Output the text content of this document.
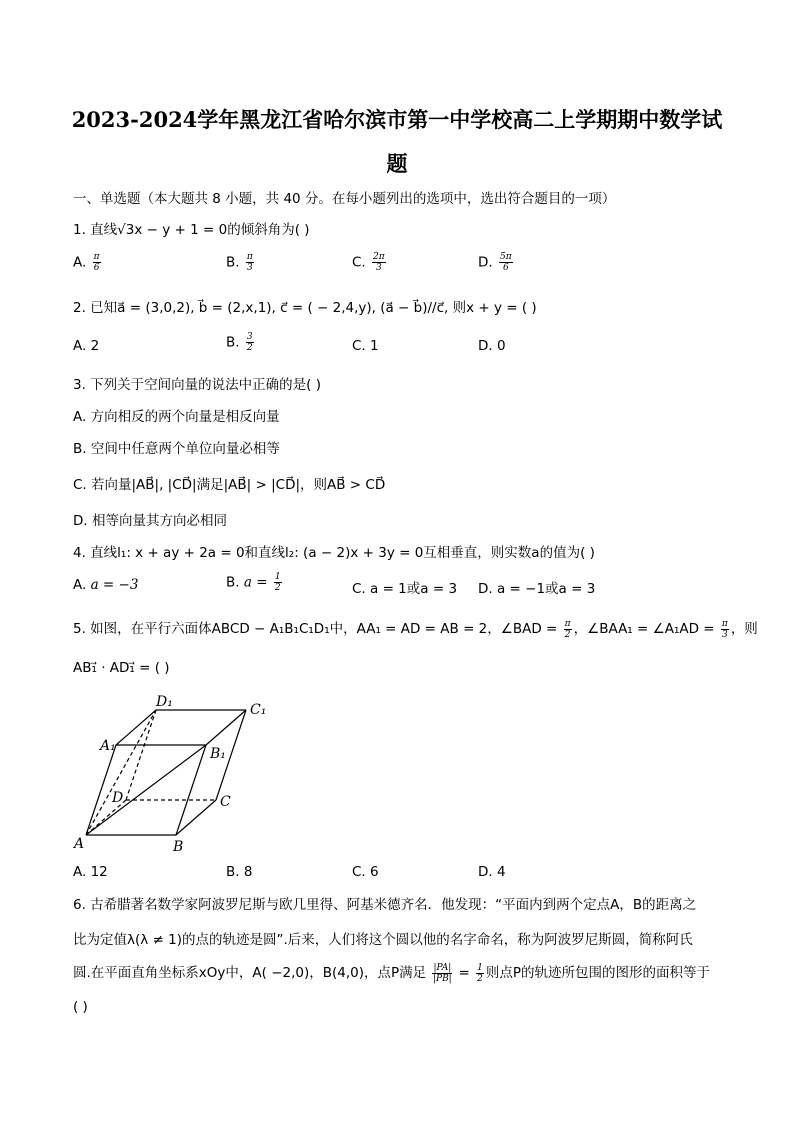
2023-2024学年黑龙江省哈尔滨市第一中学校高二上学期期中数学试
题
一、单选题（本大题共 8 小题，共 40 分。在每小题列出的选项中，选出符合题目的一项）
1. 直线√3x − y + 1 = 0的倾斜角为( )
A. $\frac{\pi}{6}$	B. $\frac{\pi}{3}$	C. $\frac{2\pi}{3}$	D. $\frac{5\pi}{6}$
2. 已知a⃗ = (3,0,2), b⃗ = (2,x,1), c⃗ = ( − 2,4,y), (a⃗ − b⃗)//c⃗, 则x + y = ( )
A. 2	B. $\frac{3}{2}$	C. 1	D. 0
3. 下列关于空间向量的说法中正确的是( )
A. 方向相反的两个向量是相反向量
B. 空间中任意两个单位向量必相等
C. 若向量|AB⃗|, |CD⃗|满足|AB⃗| > |CD⃗|，则AB⃗ > CD⃗
D. 相等向量其方向必相同
4. 直线l₁: x + ay + 2a = 0和直线l₂: (a − 2)x + 3y = 0互相垂直，则实数a的值为( )
A. a = −3	B. $a = \frac{1}{2}$	C. a = 1或a = 3 D. a = −1或a = 3
5. 如图，在平行六面体ABCD − A₁B₁C₁D₁中，AA₁ = AD = AB = 2，∠BAD = $\frac{\pi}{2}$ ，∠BAA₁ = ∠A₁AD = $\frac{\pi}{3}$ ，则
AB₁⃗ · AD₁⃗ = ( )
D₁	C₁
A₁	B₁
D	C
A	B
A. 12	B. 8	C. 6	D. 4
6. 古希腊著名数学家阿波罗尼斯与欧几里得、阿基米德齐名．他发现：“平面内到两个定点A，B的距离之
比为定值λ(λ ≠ 1)的点的轨迹是圆”.后来，人们将这个圆以他的名字命名，称为阿波罗尼斯圆，简称阿氏
圆.在平面直角坐标系xOy中，A( −2,0)，B(4,0)，点P满足 $\frac{|PA|}{|PB|} = \frac{1}{2}$ 则点P的轨迹所包围的图形的面积等于
( )
